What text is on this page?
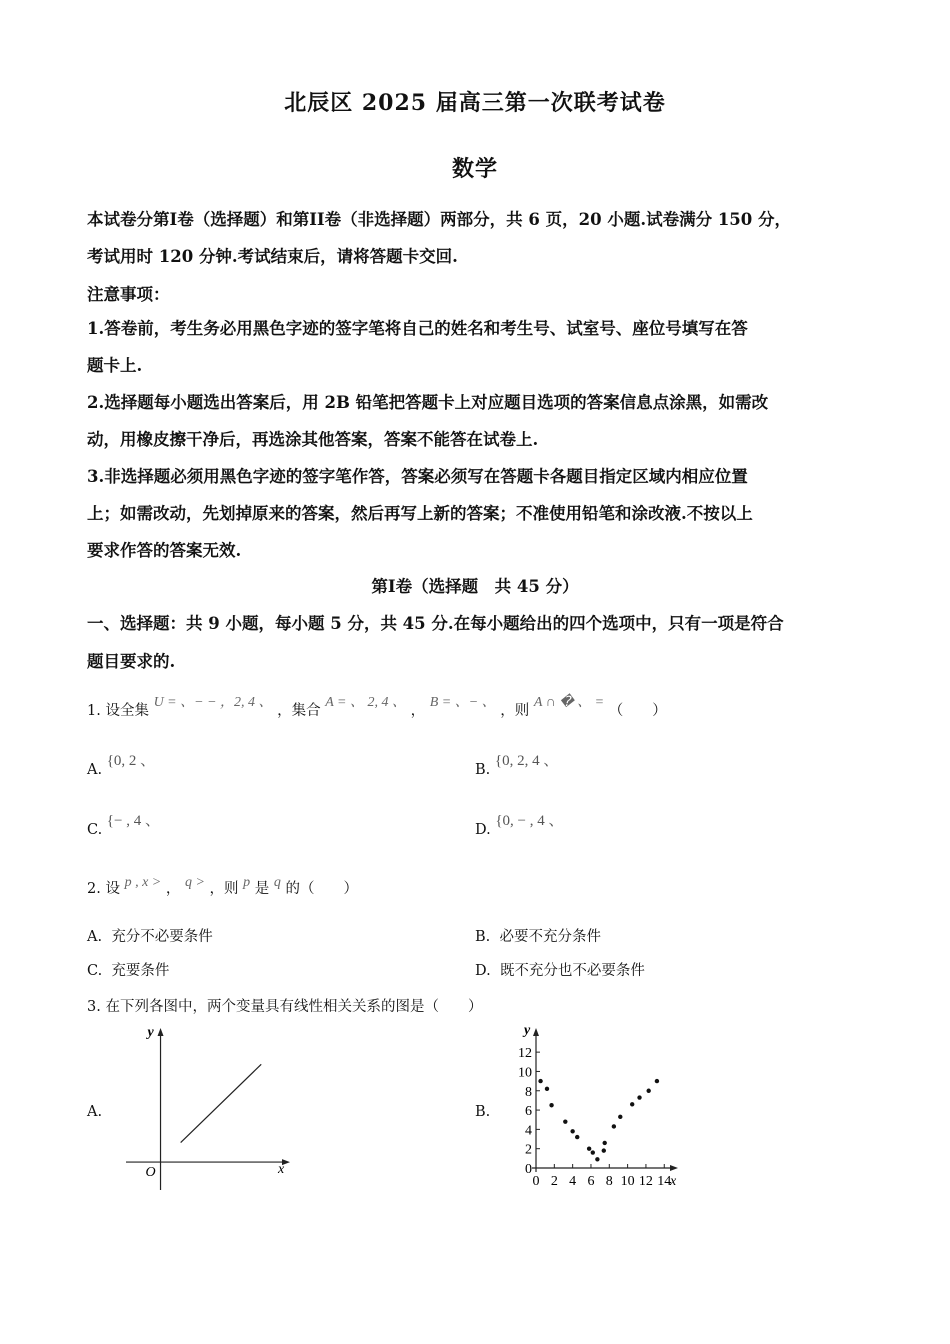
北辰区 2025 届高三第一次联考试卷
数学
本试卷分第I卷（选择题）和第II卷（非选择题）两部分，共 6 页，20 小题.试卷满分 150 分，
考试用时 120 分钟.考试结束后，请将答题卡交回.
注意事项：
1.答卷前，考生务必用黑色字迹的签字笔将自己的姓名和考生号、试室号、座位号填写在答
题卡上.
2.选择题每小题选出答案后，用 2B 铅笔把答题卡上对应题目选项的答案信息点涂黑，如需改
动，用橡皮擦干净后，再选涂其他答案，答案不能答在试卷上.
3.非选择题必须用黑色字迹的签字笔作答，答案必须写在答题卡各题目指定区域内相应位置
上；如需改动，先划掉原来的答案，然后再写上新的答案；不准使用铅笔和涂改液.不按以上
要求作答的答案无效.
第I卷（选择题　共 45 分）
一、选择题：共 9 小题，每小题 5 分，共 45 分.在每小题给出的四个选项中，只有一项是符合
题目要求的.
1. 设全集 U = 、− − ，2, 4 、 ，集合 A = 、 2, 4 、 ， B = 、− 、 ，则 A ∩ � 、 = （　　）
A. {0, 2 、
B. {0, 2, 4 、
C. {− , 4 、
D. {0, − , 4 、
2. 设 p , x > ， q > ，则 p 是 q 的（　　）
A. 充分不必要条件	B. 必要不充分条件
C. 充要条件	D. 既不充分也不必要条件
3. 在下列各图中，两个变量具有线性相关关系的图是（　　）
A.	B.
x
y
O
y
x
0 2 4 6 8 10 12 14
0
2
4
6
8
10
12
